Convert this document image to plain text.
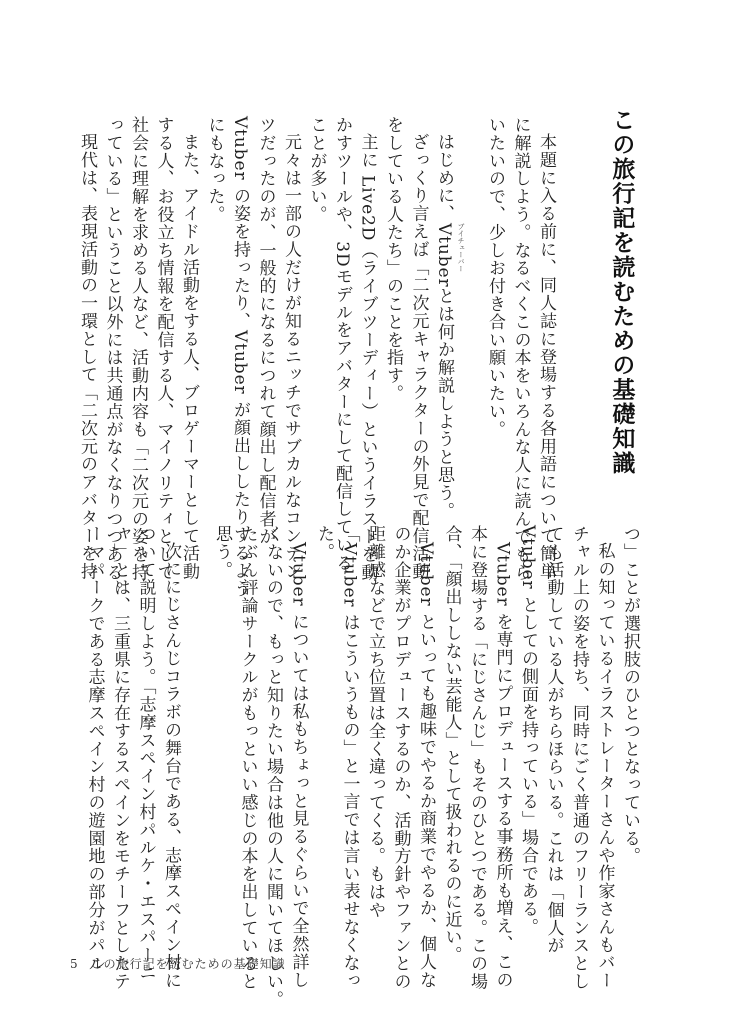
この旅行記を読むための基礎知識
本題に入る前に、同人誌に登場する各用語について簡単
に解説しよう。なるべくこの本をいろんな人に読んでもら
いたいので、少しお付き合い願いたい。
はじめに、Vtuber ブイチューバー
とは何か解説しようと思う。
ざっくり言えば「二次元キャラクターの外見で配信活動
をしている人たち」のことを指す。
主に Live2D（ライブツーディー）というイラストを動
かすツールや、3Dモデルをアバターにして配信している
ことが多い。
元々は一部の人だけが知るニッチでサブカルなコンテン
ツだったのが、一般的になるにつれて顔出し配信者が
Vtuber の姿を持ったり、Vtuber が顔出ししたりするよう
にもなった。
また、アイドル活動をする人、ブロゲーマーとして活動
する人、お役立ち情報を配信する人、マイノリティとして
社会に理解を求める人など、活動内容も「二次元の姿を持
っている」ということ以外には共通点がなくなりつつある。
現代は、表現活動の一環として「二次元のアバターを持
つ」ことが選択肢のひとつとなっている。
私の知っているイラストレーターさんや作家さんもバー
チャル上の姿を持ち、同時にごく普通のフリーランスとし
ても活動している人がちらほらいる。これは「個人が
Vtuber としての側面を持っている」場合である。
Vtuber を専門にプロデュースする事務所も増え、この
本に登場する「にじさんじ」もそのひとつである。この場
合、「顔出ししない芸能人」として扱われるのに近い。
Vtuber といっても趣味でやるか商業でやるか、個人な
のか企業がプロデュースするのか、活動方針やファンとの
距離感などで立ち位置は全く違ってくる。もはや
「Vtuber はこういうもの」と一言では言い表せなくなっ
た。
Vtuber については私もちょっと見るぐらいで全然詳し
くないので、もっと知りたい場合は他の人に聞いてほしい。
たぶん評論サークルがもっといい感じの本を出していると
思う。
次ににじさんじコラボの舞台である、志摩スペイン村に
ついて説明しよう。「志摩スペイン村パルケ・エスパーニ
ャ」とは、三重県に存在するスペインをモチーフとしたテ
ーマパークである志摩スペイン村の遊園地の部分がパル
5 この旅行記を読むための基礎知識
